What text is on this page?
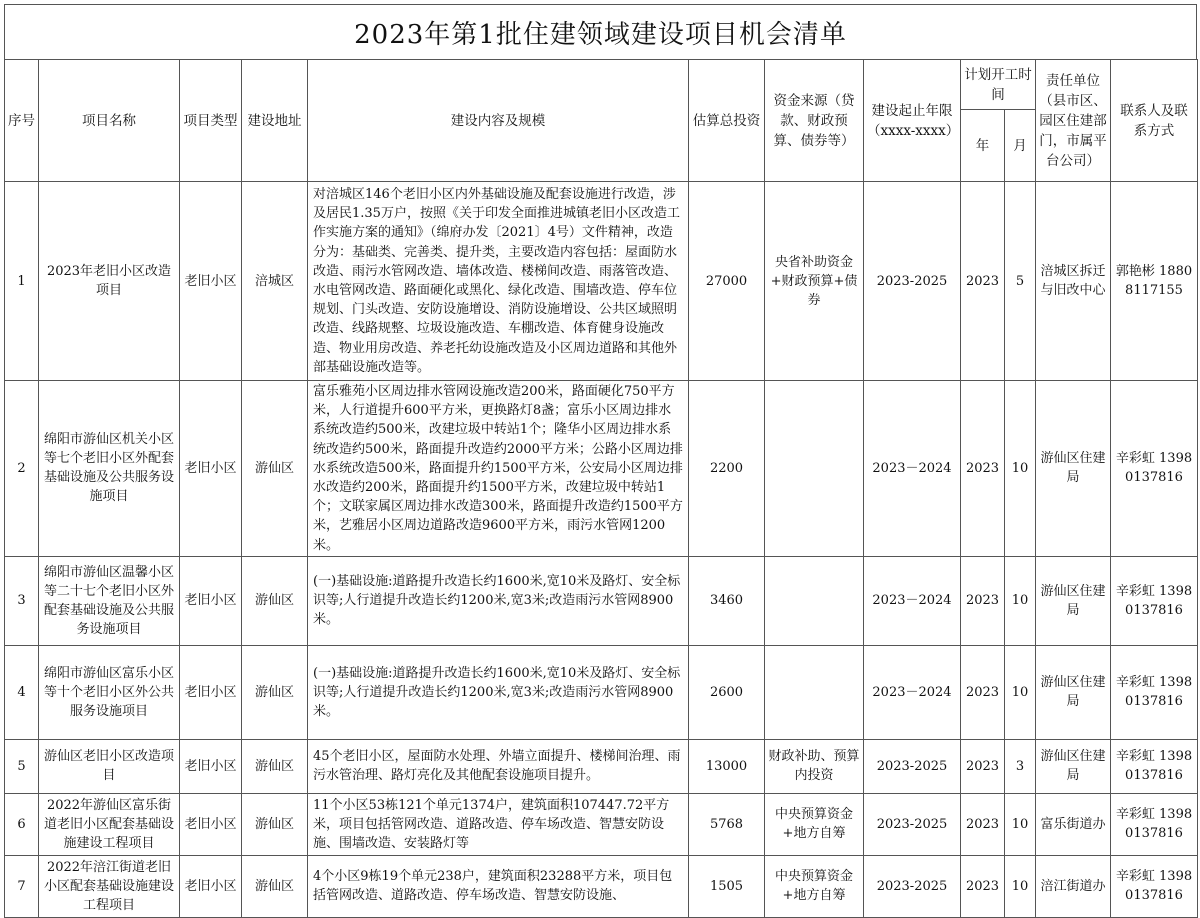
2023年第1批住建领域建设项目机会清单
序号	项目名称	项目类型	建设地址	建设内容及规模	估算总投资	资金来源（贷款、财政预算、债券等）	建设起止年限（xxxx-xxxx）	计划开工时间		责任单位（县市区、园区住建部门，市属平台公司）	联系人及联系方式
								年	月		
1	2023年老旧小区改造项目	老旧小区	涪城区	对涪城区146个老旧小区内外基础设施及配套设施进行改造，涉及居民1.35万户，按照《关于印发全面推进城镇老旧小区改造工作实施方案的通知》（绵府办发〔2021〕4号）文件精神，改造分为：基础类、完善类、提升类，主要改造内容包括：屋面防水改造、雨污水管网改造、墙体改造、楼梯间改造、雨落管改造、水电管网改造、路面硬化或黑化、绿化改造、围墙改造、停车位规划、门头改造、安防设施增设、消防设施增设、公共区域照明改造、线路规整、垃圾设施改造、车棚改造、体育健身设施改造、物业用房改造、养老托幼设施改造及小区周边道路和其他外部基础设施改造等。	27000	央省补助资金+财政预算+债券	2023-2025	2023	5	涪城区拆迁与旧改中心	郭艳彬 18808117155
2	绵阳市游仙区机关小区等七个老旧小区外配套基础设施及公共服务设施项目	老旧小区	游仙区	富乐雅苑小区周边排水管网设施改造200米，路面硬化750平方米，人行道提升600平方米，更换路灯8盏；富乐小区周边排水系统改造约500米，改建垃圾中转站1个；隆华小区周边排水系统改造约500米，路面提升改造约2000平方米；公路小区周边排水系统改造500米，路面提升约1500平方米，公安局小区周边排水改造约200米，路面提升约1500平方米，改建垃圾中转站1个；文联家属区周边排水改造300米，路面提升改造约1500平方米，艺雅居小区周边道路改造9600平方米，雨污水管网1200米。	2200		2023－2024	2023	10	游仙区住建局	辛彩虹 13980137816
3	绵阳市游仙区温馨小区等二十七个老旧小区外配套基础设施及公共服务设施项目	老旧小区	游仙区	(一)基础设施:道路提升改造长约1600米,宽10米及路灯、安全标识等;人行道提升改造长约1200米,宽3米;改造雨污水管网8900米。	3460		2023－2024	2023	10	游仙区住建局	辛彩虹 13980137816
4	绵阳市游仙区富乐小区等十个老旧小区外公共服务设施项目	老旧小区	游仙区	(一)基础设施:道路提升改造长约1600米,宽10米及路灯、安全标识等;人行道提升改造长约1200米,宽3米;改造雨污水管网8900米。	2600		2023－2024	2023	10	游仙区住建局	辛彩虹 13980137816
5	游仙区老旧小区改造项目	老旧小区	游仙区	45个老旧小区，屋面防水处理、外墙立面提升、楼梯间治理、雨污水管治理、路灯亮化及其他配套设施项目提升。	13000	财政补助、预算内投资	2023-2025	2023	3	游仙区住建局	辛彩虹 13980137816
6	2022年游仙区富乐街道老旧小区配套基础设施建设工程项目	老旧小区	游仙区	11个小区53栋121个单元1374户，建筑面积107447.72平方米，项目包括管网改造、道路改造、停车场改造、智慧安防设施、围墙改造、安装路灯等	5768	中央预算资金+地方自筹	2023-2025	2023	10	富乐街道办	辛彩虹 13980137816
7	2022年涪江街道老旧小区配套基础设施建设工程项目	老旧小区	游仙区	4个小区9栋19个单元238户，建筑面积23288平方米，项目包括管网改造、道路改造、停车场改造、智慧安防设施、	1505	中央预算资金+地方自筹	2023-2025	2023	10	涪江街道办	辛彩虹 13980137816
